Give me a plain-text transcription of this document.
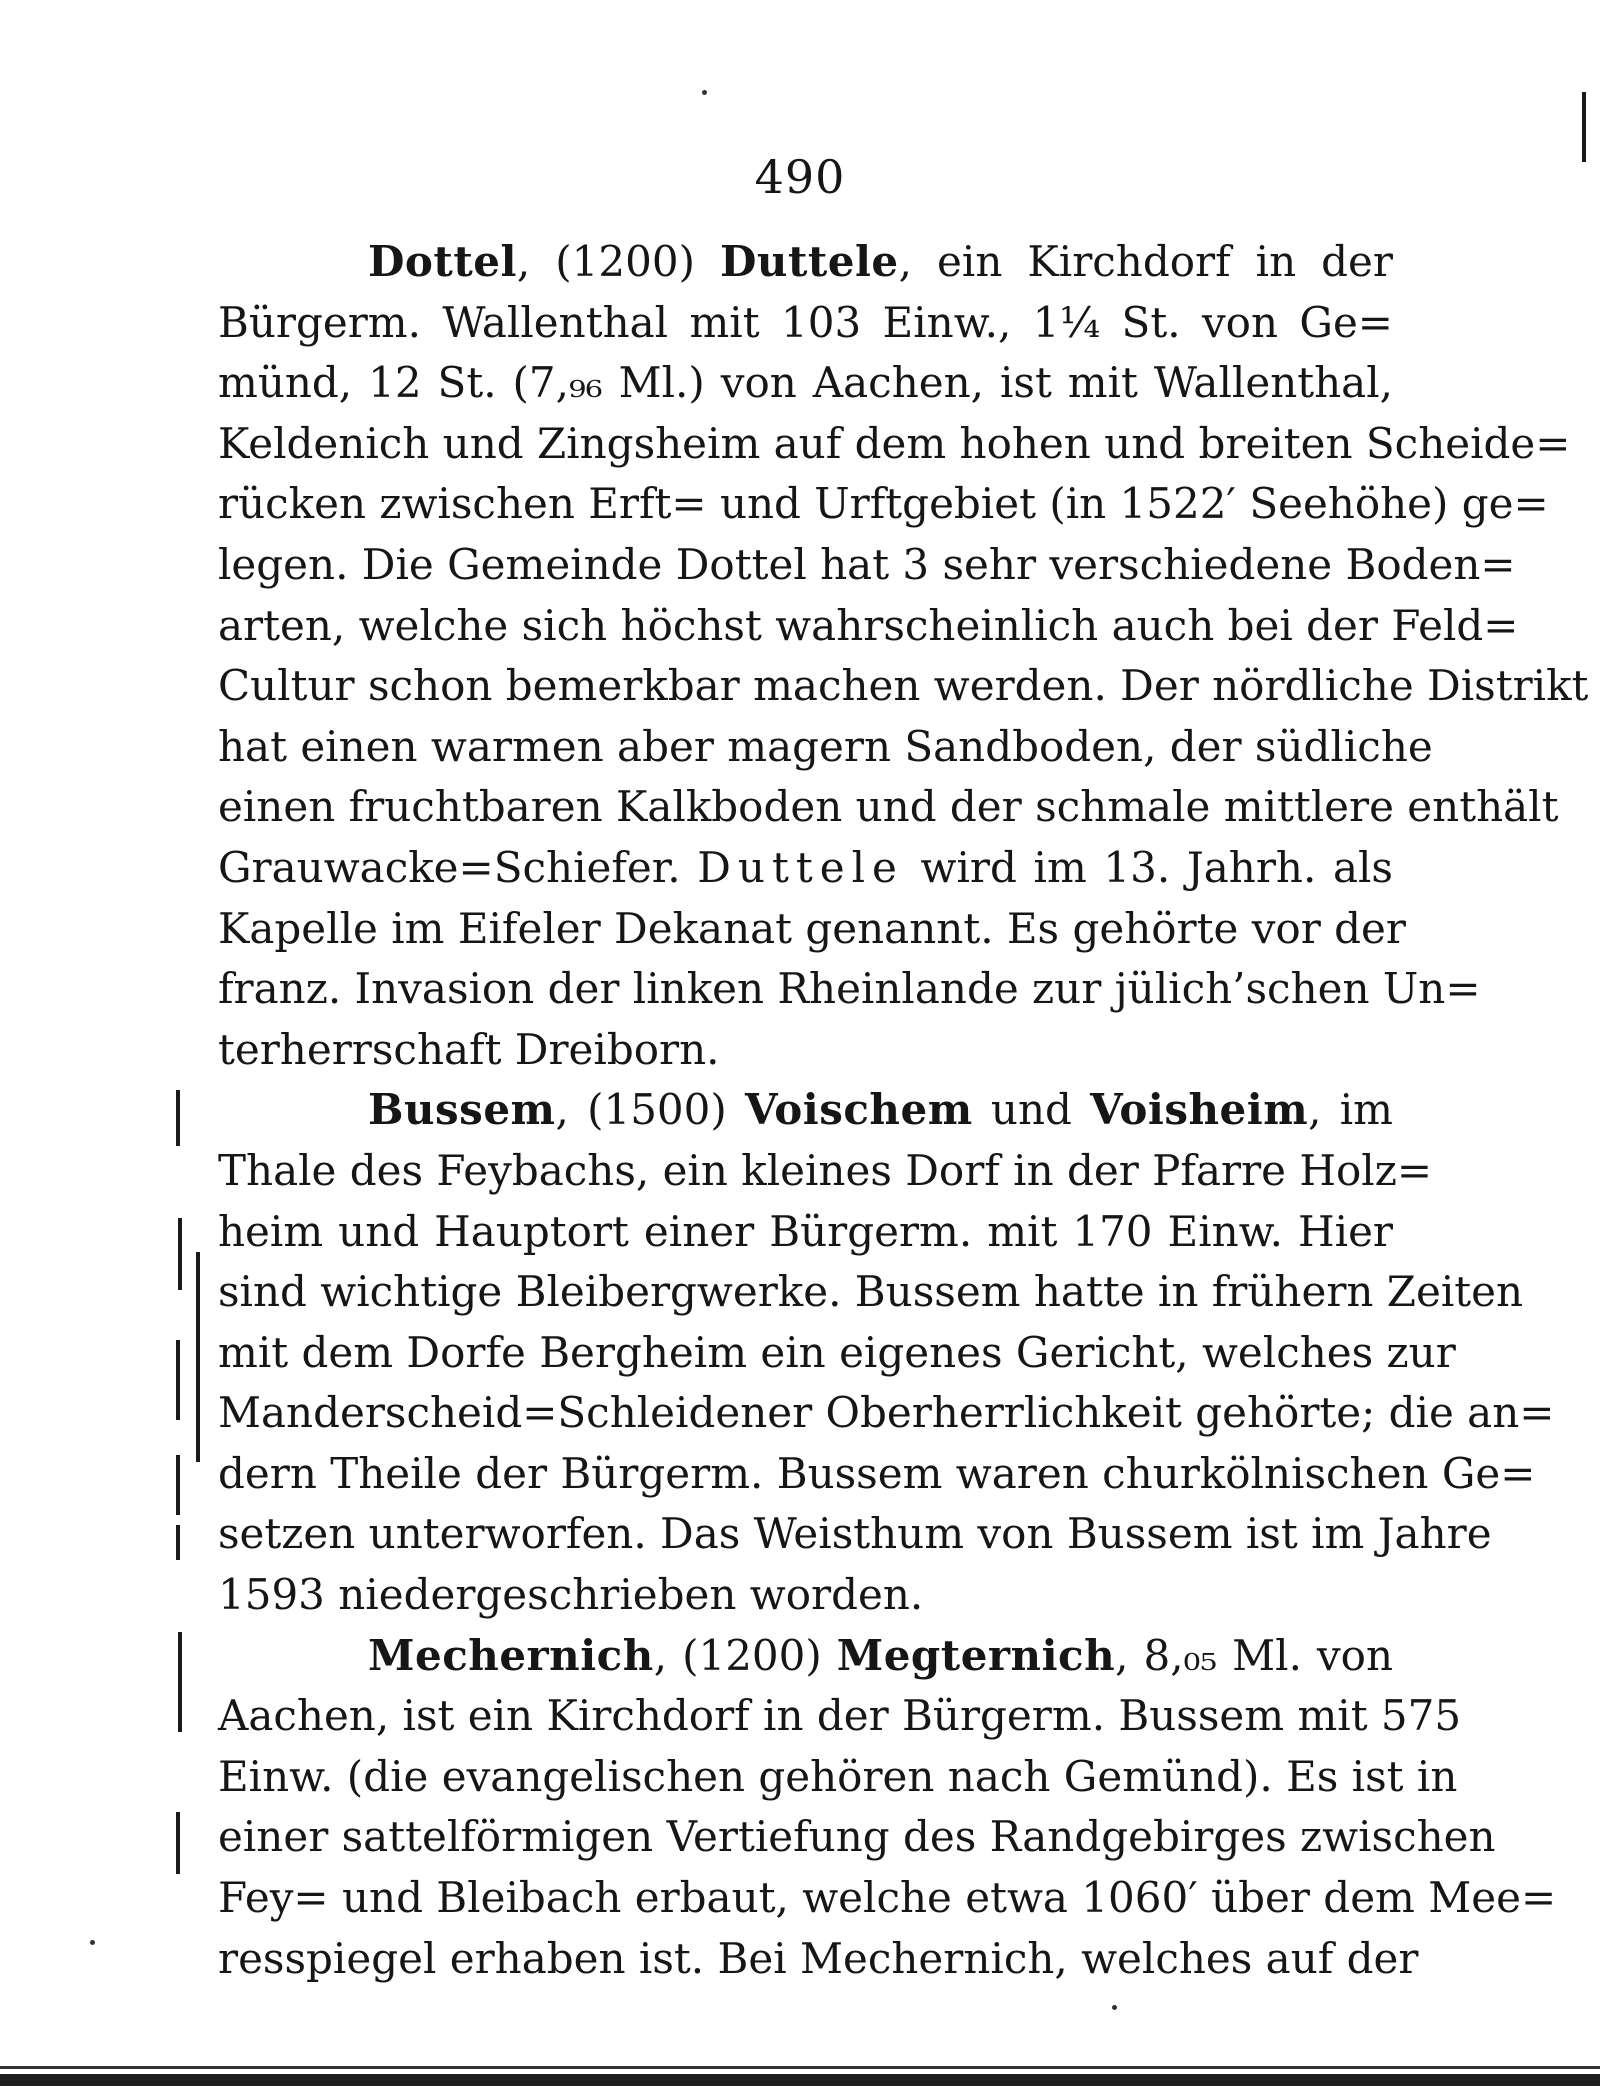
490
Dottel, (1200) Duttele, ein Kirchdorf in der
Bürgerm. Wallenthal mit 103 Einw., 1¼ St. von Ge=
münd, 12 St. (7,₉₆ Ml.) von Aachen, ist mit Wallenthal,
Keldenich und Zingsheim auf dem hohen und breiten Scheide=
rücken zwischen Erft= und Urftgebiet (in 1522′ Seehöhe) ge=
legen. Die Gemeinde Dottel hat 3 sehr verschiedene Boden=
arten, welche sich höchst wahrscheinlich auch bei der Feld=
Cultur schon bemerkbar machen werden. Der nördliche Distrikt
hat einen warmen aber magern Sandboden, der südliche
einen fruchtbaren Kalkboden und der schmale mittlere enthält
Grauwacke=Schiefer. Duttele wird im 13. Jahrh. als
Kapelle im Eifeler Dekanat genannt. Es gehörte vor der
franz. Invasion der linken Rheinlande zur jülich’schen Un=
terherrschaft Dreiborn.
Bussem, (1500) Voischem und Voisheim, im
Thale des Feybachs, ein kleines Dorf in der Pfarre Holz=
heim und Hauptort einer Bürgerm. mit 170 Einw. Hier
sind wichtige Bleibergwerke. Bussem hatte in frühern Zeiten
mit dem Dorfe Bergheim ein eigenes Gericht, welches zur
Manderscheid=Schleidener Oberherrlichkeit gehörte; die an=
dern Theile der Bürgerm. Bussem waren churkölnischen Ge=
setzen unterworfen. Das Weisthum von Bussem ist im Jahre
1593 niedergeschrieben worden.
Mechernich, (1200) Megternich, 8,₀₅ Ml. von
Aachen, ist ein Kirchdorf in der Bürgerm. Bussem mit 575
Einw. (die evangelischen gehören nach Gemünd). Es ist in
einer sattelförmigen Vertiefung des Randgebirges zwischen
Fey= und Bleibach erbaut, welche etwa 1060′ über dem Mee=
resspiegel erhaben ist. Bei Mechernich, welches auf der
